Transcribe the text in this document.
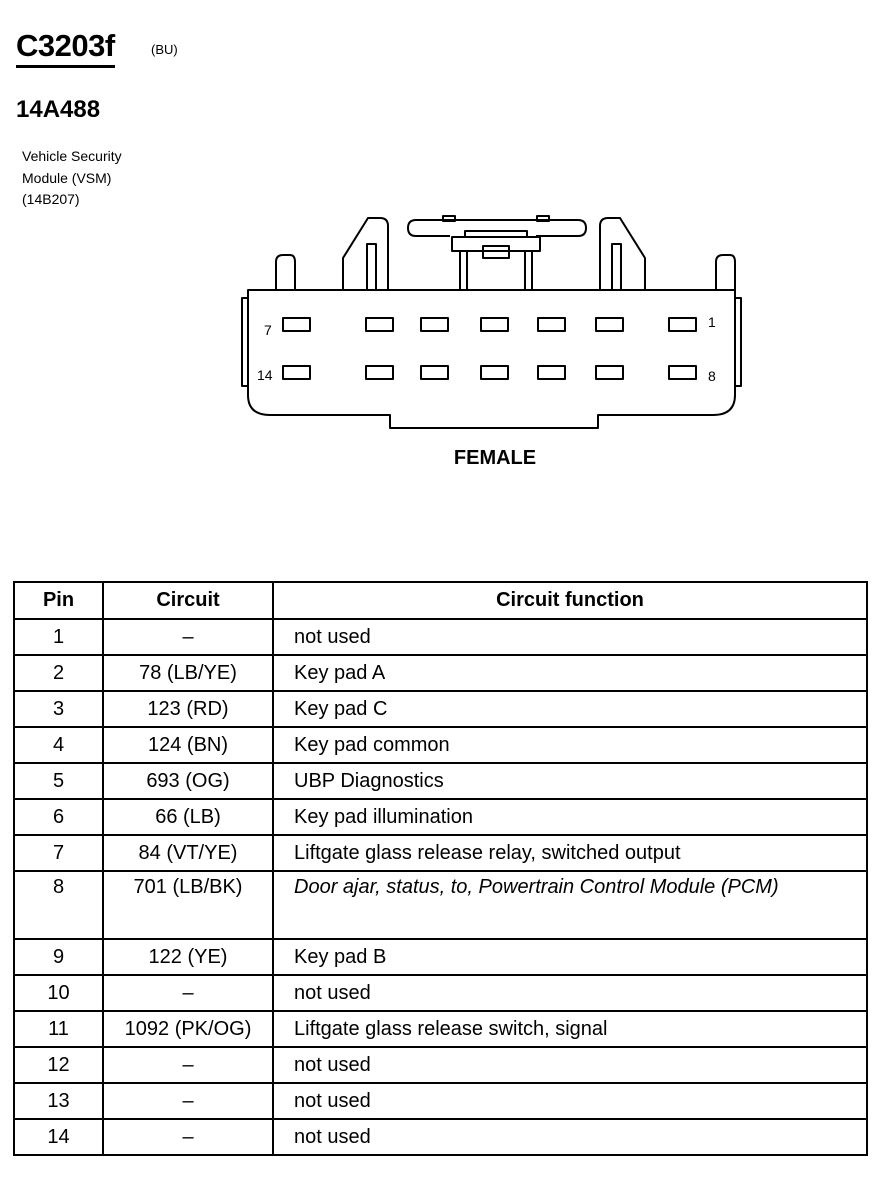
C3203f	(BU)
14A488
Vehicle Security
Module (VSM)
(14B207)
7	1
14	8
FEMALE
Pin	Circuit	Circuit function
1	–	not used
2	78 (LB/YE)	Key pad A
3	123 (RD)	Key pad C
4	124 (BN)	Key pad common
5	693 (OG)	UBP Diagnostics
6	66 (LB)	Key pad illumination
7	84 (VT/YE)	Liftgate glass release relay, switched output
8	701 (LB/BK)	Door ajar, status, to, Powertrain Control Module (PCM)
9	122 (YE)	Key pad B
10	–	not used
11	1092 (PK/OG)	Liftgate glass release switch, signal
12	–	not used
13	–	not used
14	–	not used
